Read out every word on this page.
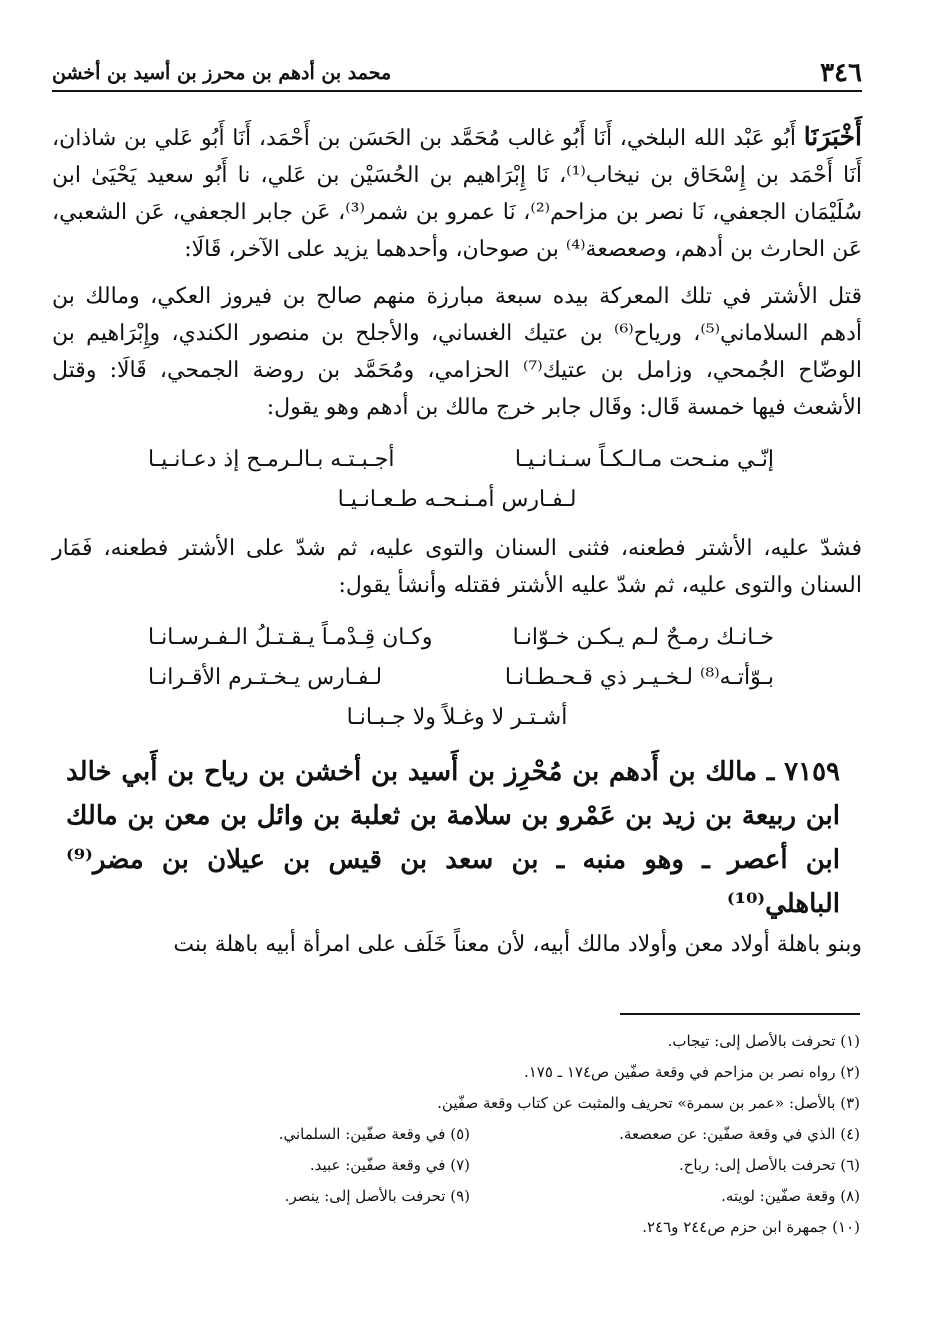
٣٤٦
محمد بن أدهم بن محرز بن أسيد بن أخشن

أَخْبَرَنَا أَبُو عَبْد الله البلخي، أَنَا أَبُو غالب مُحَمَّد بن الحَسَن بن أَحْمَد، أَنَا أَبُو عَلي بن شاذان، أَنَا أَحْمَد بن إِسْحَاق بن نيخاب⁽¹⁾، نَا إِبْرَاهيم بن الحُسَيْن بن عَلي، نا أَبُو سعيد يَحْيَىٰ ابن سُلَيْمَان الجعفي، نَا نصر بن مزاحم⁽²⁾، نَا عمرو بن شمر⁽³⁾، عَن جابر الجعفي، عَن الشعبي، عَن الحارث بن أدهم، وصعصعة⁽⁴⁾ بن صوحان، وأحدهما يزيد على الآخر، قَالَا:

قتل الأشتر في تلك المعركة بيده سبعة مبارزة منهم صالح بن فيروز العكي، ومالك بن أدهم السلاماني⁽⁵⁾، ورياح⁽⁶⁾ بن عتيك الغساني، والأجلح بن منصور الكندي، وإِبْرَاهيم بن الوضّاح الجُمحي، وزامل بن عتيك⁽⁷⁾ الحزامي، ومُحَمَّد بن روضة الجمحي، قَالَا: وقتل الأشعث فيها خمسة قَال: وقَال جابر خرج مالك بن أدهم وهو يقول:

إنّـي منـحت مـالـكـاً سـنـانـيـا
أجـبـتـه بـالـرمـح إذ دعـانـيـا
لـفـارس أمـنـحـه طـعـانـيـا

فشدّ عليه، الأشتر فطعنه، فثنى السنان والتوى عليه، ثم شدّ على الأشتر فطعنه، فَمَار السنان والتوى عليه، ثم شدّ عليه الأشتر فقتله وأنشأ يقول:

خـانـك رمـحٌ لـم يـكـن خـوّانـا
وكـان قِـدْمـاً يـقـتـلُ الـفـرسـانـا
بـوّأتـه⁽⁸⁾ لـخـيـر ذي قـحـطـانـا
لـفـارس يـخـتـرم الأقـرانـا
أشـتـر لا وغـلاً ولا جـبـانـا

٧١٥٩ ـ مالك بن أَدهم بن مُحْرِز بن أَسيد بن أخشن بن رياح بن أَبي خالد

ابن ربيعة بن زيد بن عَمْرو بن سلامة بن ثعلبة بن وائل بن معن بن مالك

ابن أعصر ـ وهو منبه ـ بن سعد بن قيس بن عيلان بن مضر⁽⁹⁾ الباهلي⁽¹⁰⁾

وبنو باهلة أولاد معن وأولاد مالك أبيه، لأن معناً خَلَف على امرأة أبيه باهلة بنت

(١) تحرفت بالأصل إلى: تيجاب.
(٢) رواه نصر بن مزاحم في وقعة صفّين ص١٧٤ ـ ١٧٥.
(٣) بالأصل: «عمر بن سمرة» تحريف والمثبت عن كتاب وقعة صفّين.
(٤) الذي في وقعة صفّين: عن صعصعة.
(٥) في وقعة صفّين: السلماني.
(٦) تحرفت بالأصل إلى: رباح.
(٧) في وقعة صفّين: عبيد.
(٨) وقعة صفّين: لويته.
(٩) تحرفت بالأصل إلى: ينصر.
(١٠) جمهرة ابن حزم ص٢٤٤ و٢٤٦.
